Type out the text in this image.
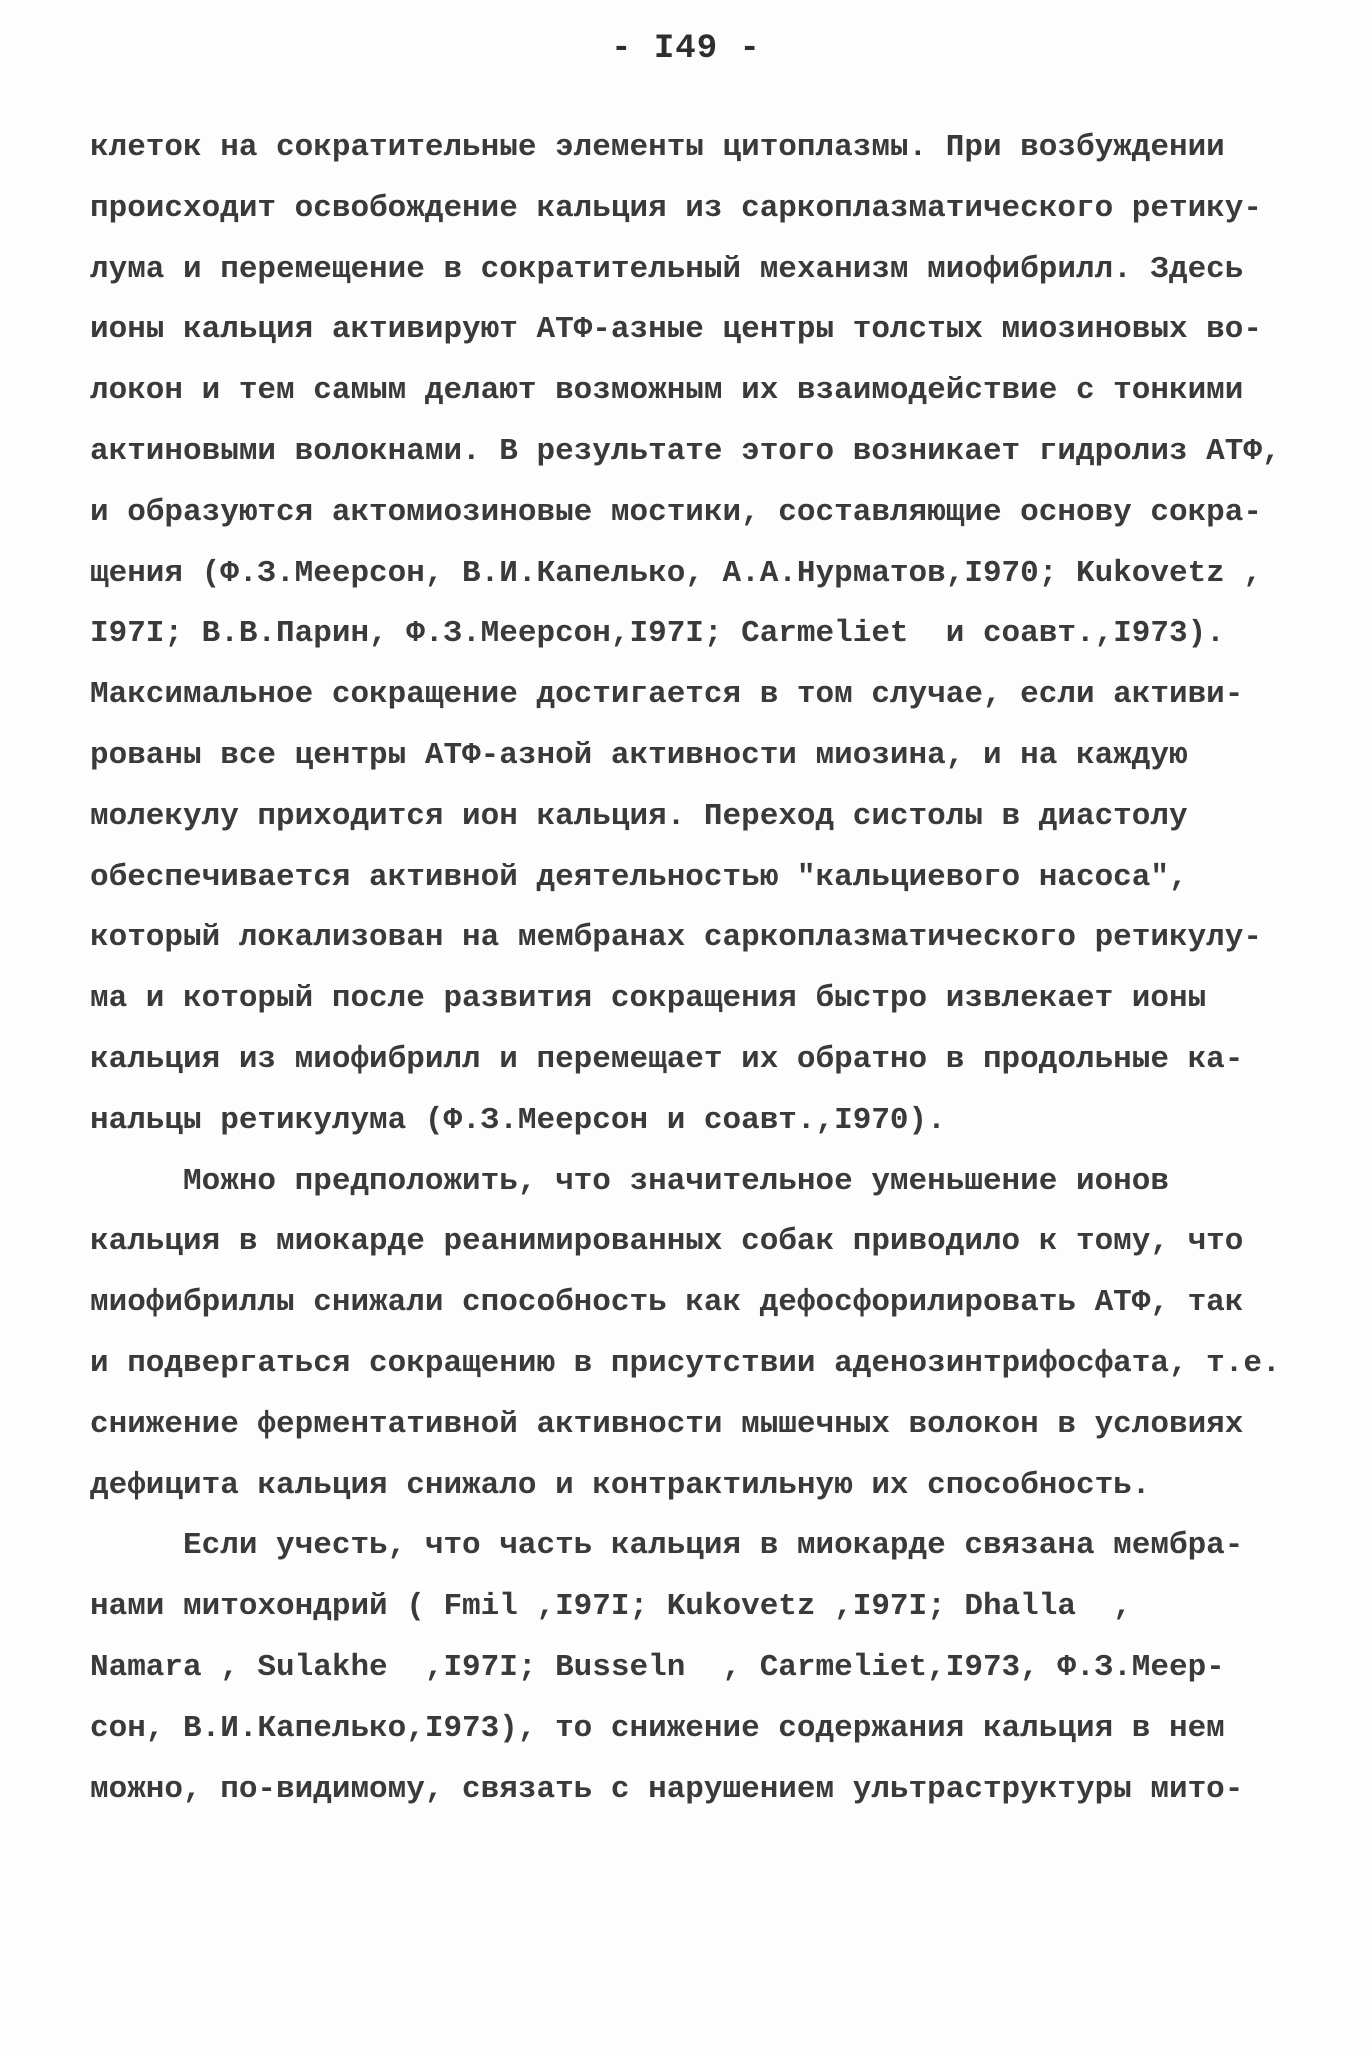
- I49 -
клеток на сократительные элементы цитоплазмы. При возбуждении
происходит освобождение кальция из саркоплазматического ретику-
лума и перемещение в сократительный механизм миофибрилл. Здесь
ионы кальция активируют АТФ-азные центры толстых миозиновых во-
локон и тем самым делают возможным их взаимодействие с тонкими
актиновыми волокнами. В результате этого возникает гидролиз АТФ,
и образуются актомиозиновые мостики, составляющие основу сокра-
щения (Ф.З.Меерсон, В.И.Капелько, А.А.Нурматов,I970; Kukovetz ,
I97I; В.В.Парин, Ф.З.Меерсон,I97I; Carmeliet  и соавт.,I973).
Максимальное сокращение достигается в том случае, если активи-
рованы все центры АТФ-азной активности миозина, и на каждую
молекулу приходится ион кальция. Переход систолы в диастолу
обеспечивается активной деятельностью "кальциевого насоса",
который локализован на мембранах саркоплазматического ретикулу-
ма и который после развития сокращения быстро извлекает ионы
кальция из миофибрилл и перемещает их обратно в продольные ка-
нальцы ретикулума (Ф.З.Меерсон и соавт.,I970).
Можно предположить, что значительное уменьшение ионов
кальция в миокарде реанимированных собак приводило к тому, что
миофибриллы снижали способность как дефосфорилировать АТФ, так
и подвергаться сокращению в присутствии аденозинтрифосфата, т.е.
снижение ферментативной активности мышечных волокон в условиях
дефицита кальция снижало и контрактильную их способность.
Если учесть, что часть кальция в миокарде связана мембра-
нами митохондрий ( Fmil ,I97I; Kukovetz ,I97I; Dhalla  ,
Namara , Sulakhe  ,I97I; Busseln  , Carmeliet,I973, Ф.З.Меер-
сон, В.И.Капелько,I973), то снижение содержания кальция в нем
можно, по-видимому, связать с нарушением ультраструктуры мито-
